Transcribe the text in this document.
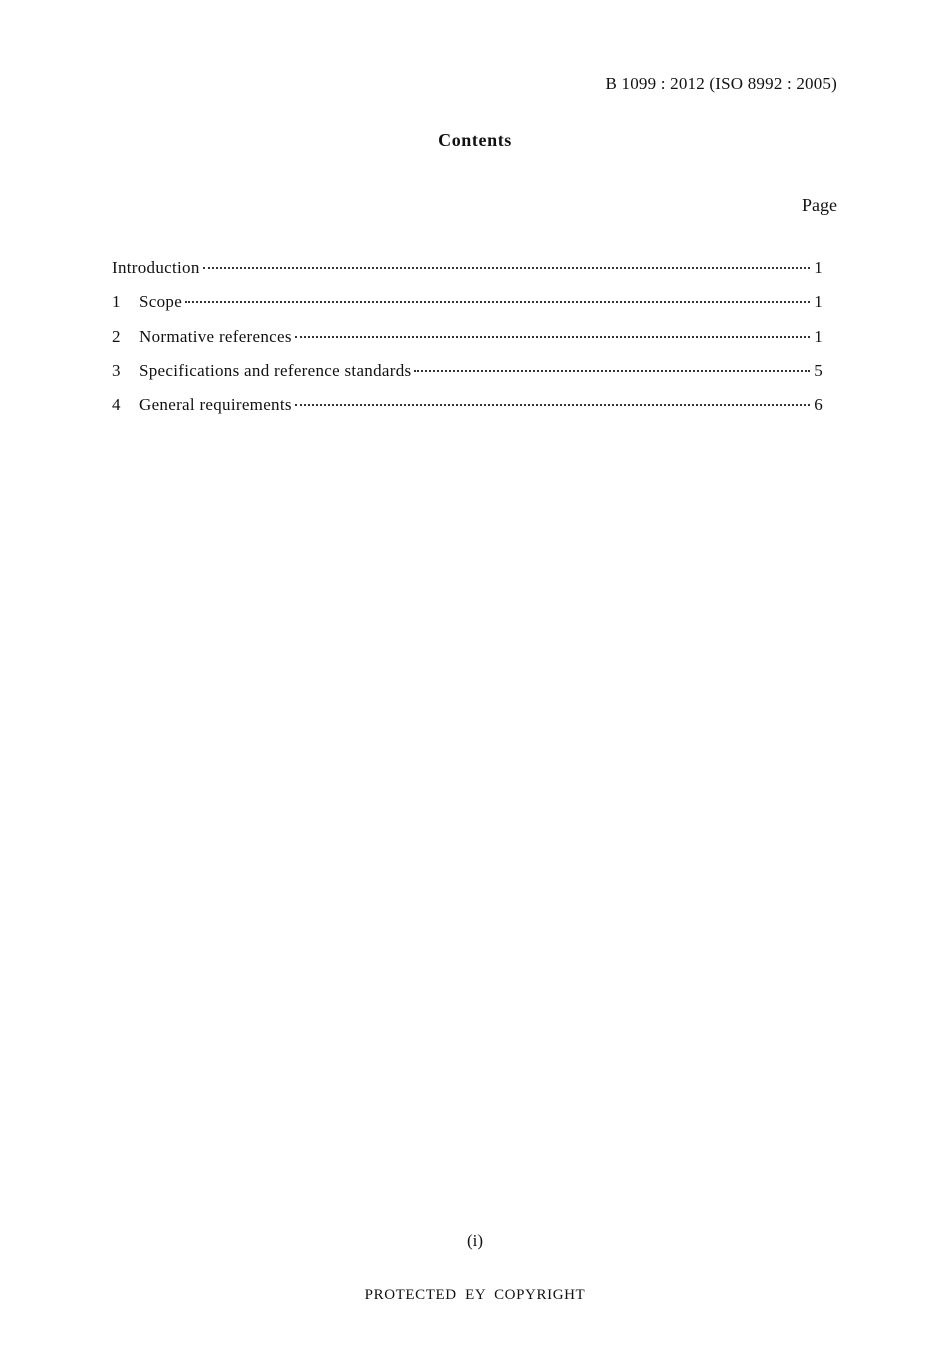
B 1099 : 2012 (ISO 8992 : 2005)
Contents
Page
Introduction	1
1	Scope	1
2	Normative references	1
3	Specifications and reference standards	5
4	General requirements	6
(i)
PROTECTED EY COPYRIGHT
